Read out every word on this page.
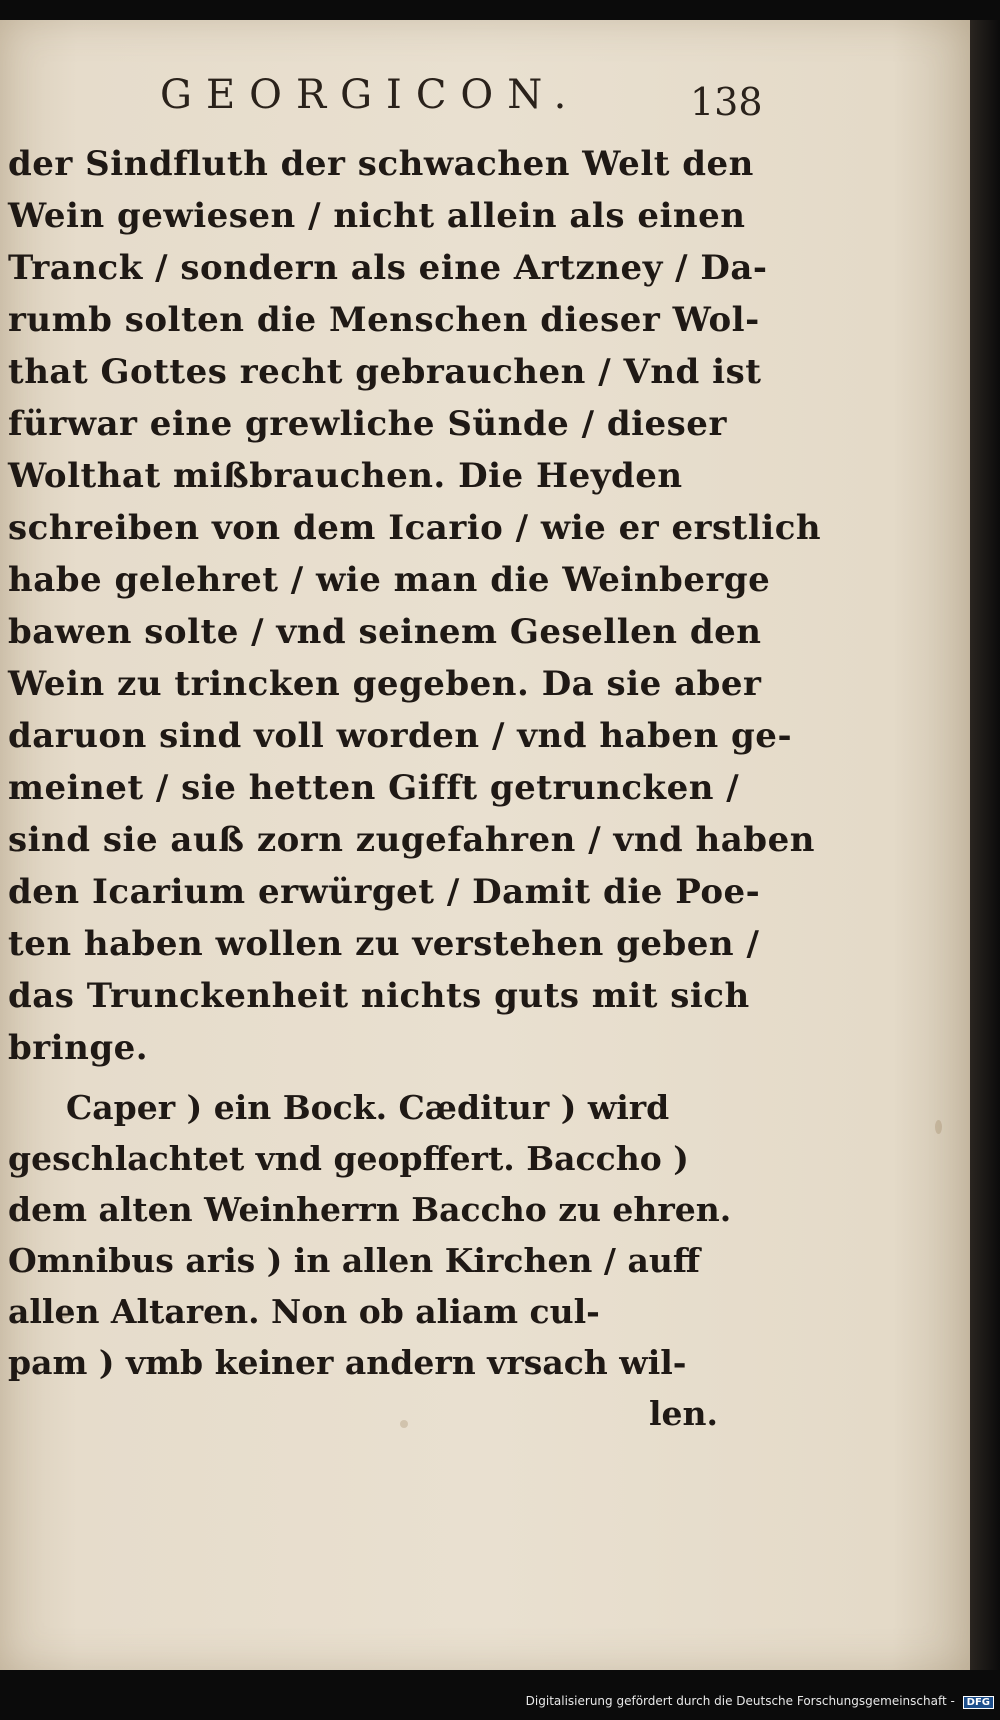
GEORGICON.	138
der Sindfluth der schwachen Welt den
Wein gewiesen / nicht allein als einen
Tranck / sondern als eine Artzney / Da-
rumb solten die Menschen dieser Wol-
that Gottes recht gebrauchen / Vnd ist
fürwar eine grewliche Sünde / dieser
Wolthat mißbrauchen. Die Heyden
schreiben von dem Icario / wie er erstlich
habe gelehret / wie man die Weinberge
bawen solte / vnd seinem Gesellen den
Wein zu trincken gegeben. Da sie aber
daruon sind voll worden / vnd haben ge-
meinet / sie hetten Gifft getruncken /
sind sie auß zorn zugefahren / vnd haben
den Icarium erwürget / Damit die Poe-
ten haben wollen zu verstehen geben /
das Trunckenheit nichts guts mit sich
bringe.
Caper ) ein Bock. Cæditur ) wird
geschlachtet vnd geopffert. Baccho )
dem alten Weinherrn Baccho zu ehren.
Omnibus aris ) in allen Kirchen / auff
allen Altaren. Non ob aliam cul-
pam ) vmb keiner andern vrsach wil-
len.
Digitalisierung gefördert durch die Deutsche Forschungsgemeinschaft - DFG
